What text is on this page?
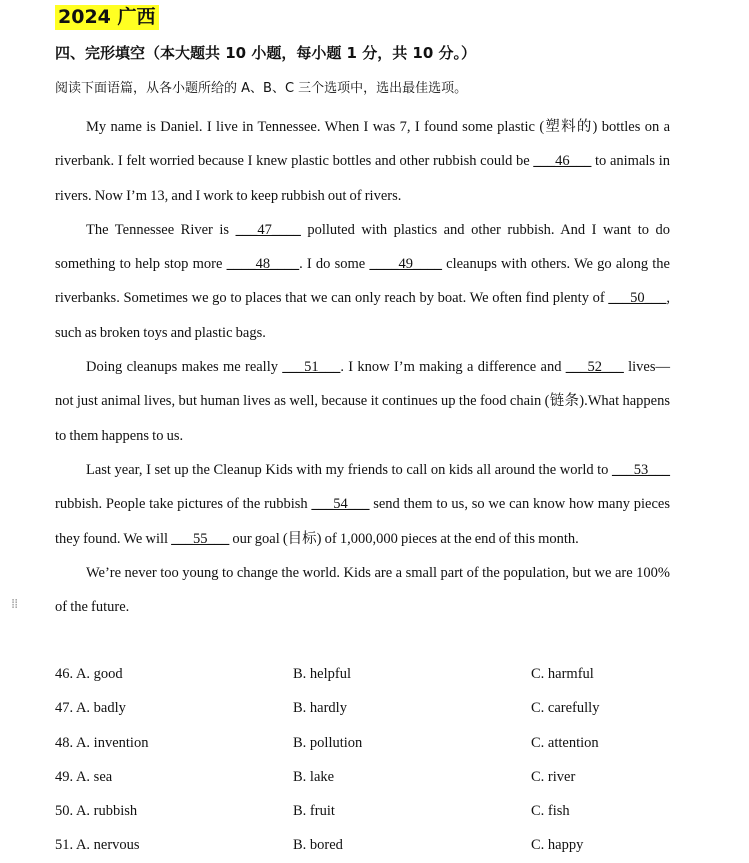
2024 广西
四、完形填空（本大题共 10 小题，每小题 1 分，共 10 分。）
阅读下面语篇，从各小题所给的 A、B、C 三个选项中，选出最佳选项。

My name is Daniel. I live in Tennessee. When I was 7, I found some plastic (塑料的) bottles on a riverbank. I felt worried because I knew plastic bottles and other rubbish could be ___46___ to animals in rivers. Now I’m 13, and I work to keep rubbish out of rivers.

The Tennessee River is ___47____ polluted with plastics and other rubbish. And I want to do something to help stop more ____48____. I do some ____49____ cleanups with others. We go along the riverbanks. Sometimes we go to places that we can only reach by boat. We often find plenty of ___50___, such as broken toys and plastic bags.

Doing cleanups makes me really ___51___. I know I’m making a difference and ___52___ lives—not just animal lives, but human lives as well, because it continues up the food chain (链条).What happens to them happens to us.

Last year, I set up the Cleanup Kids with my friends to call on kids all around the world to ___53___ rubbish. People take pictures of the rubbish ___54___ send them to us, so we can know how many pieces they found. We will ___55___ our goal (目标) of 1,000,000 pieces at the end of this month.

We’re never too young to change the world. Kids are a small part of the population, but we are 100% of the future.

⁞⁞
46. A. good	B. helpful	C. harmful
47. A. badly	B. hardly	C. carefully
48. A. invention	B. pollution	C. attention
49. A. sea	B. lake	C. river
50. A. rubbish	B. fruit	C. fish
51. A. nervous	B. bored	C. happy
